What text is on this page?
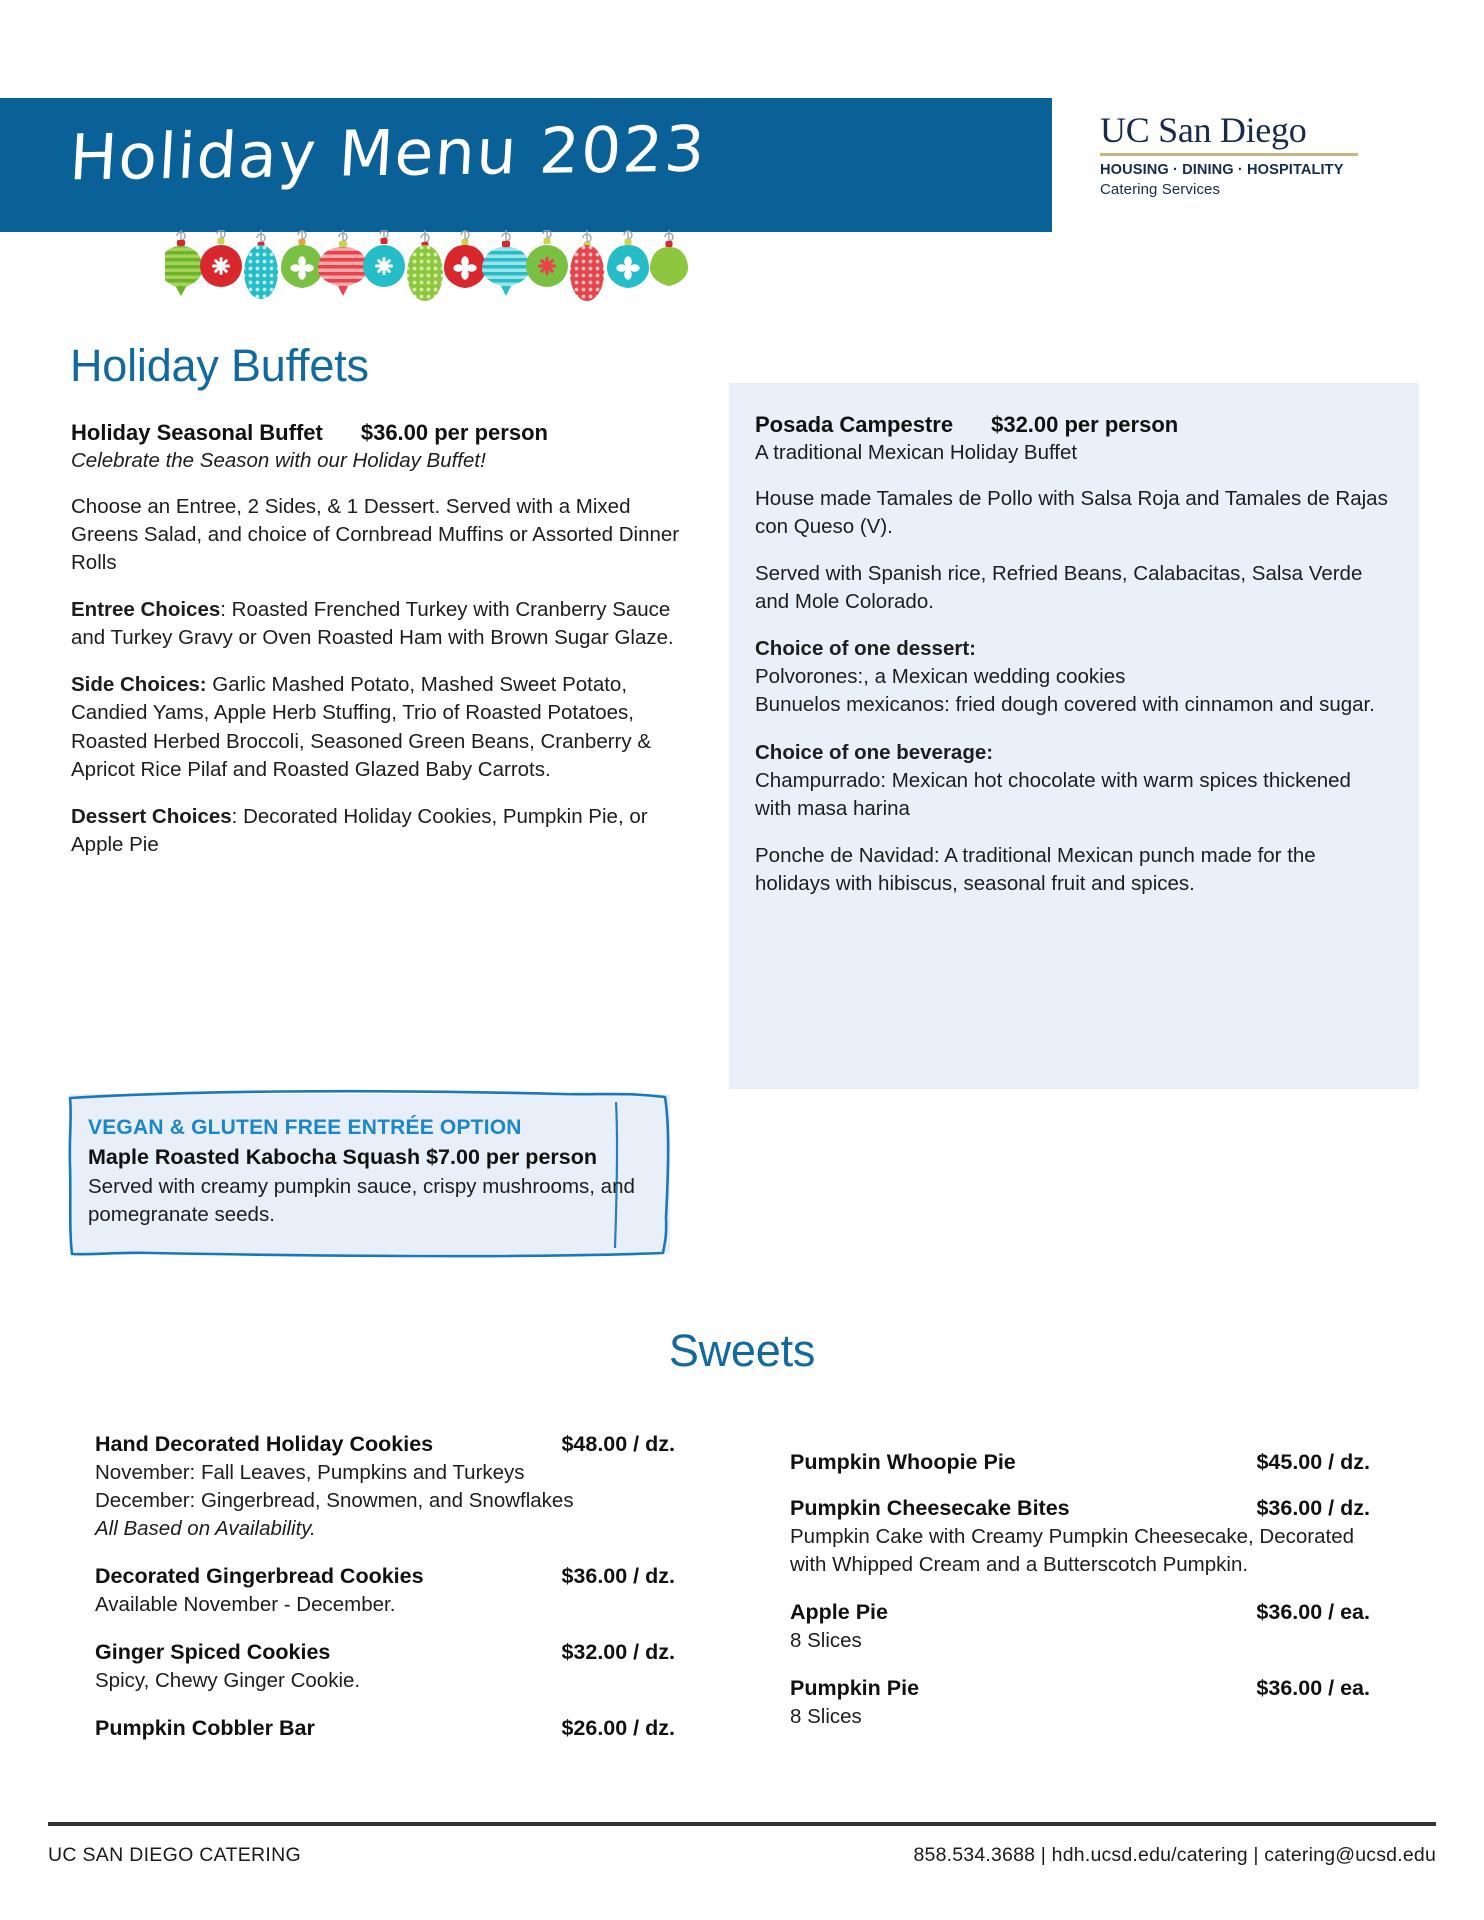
Holiday Menu 2023	UC San Diego
HOUSING · DINING · HOSPITALITY
Catering Services
Holiday Buffets
Holiday Seasonal Buffet $36.00 per person
Celebrate the Season with our Holiday Buffet!

Choose an Entree, 2 Sides, & 1 Dessert. Served with a Mixed Greens Salad, and choice of Cornbread Muffins or Assorted Dinner Rolls

Entree Choices: Roasted Frenched Turkey with Cranberry Sauce and Turkey Gravy or Oven Roasted Ham with Brown Sugar Glaze.

Side Choices: Garlic Mashed Potato, Mashed Sweet Potato, Candied Yams, Apple Herb Stuffing, Trio of Roasted Potatoes, Roasted Herbed Broccoli, Seasoned Green Beans, Cranberry & Apricot Rice Pilaf and Roasted Glazed Baby Carrots.

Dessert Choices: Decorated Holiday Cookies, Pumpkin Pie, or Apple Pie

Posada Campestre $32.00 per person
A traditional Mexican Holiday Buffet

House made Tamales de Pollo with Salsa Roja and Tamales de Rajas con Queso (V).

Served with Spanish rice, Refried Beans, Calabacitas, Salsa Verde and Mole Colorado.

Choice of one dessert:

Polvorones:, a Mexican wedding cookies

Bunuelos mexicanos: fried dough covered with cinnamon and sugar.

Choice of one beverage:

Champurrado: Mexican hot chocolate with warm spices thickened with masa harina

Ponche de Navidad: A traditional Mexican punch made for the holidays with hibiscus, seasonal fruit and spices.

VEGAN & GLUTEN FREE ENTRÉE OPTION
Maple Roasted Kabocha Squash $7.00 per person
Served with creamy pumpkin sauce, crispy mushrooms, and pomegranate seeds.
Sweets
Hand Decorated Holiday Cookies	$48.00 / dz.
November: Fall Leaves, Pumpkins and Turkeys
December: Gingerbread, Snowmen, and Snowflakes
All Based on Availability.
Decorated Gingerbread Cookies	$36.00 / dz.
Available November - December.
Ginger Spiced Cookies	$32.00 / dz.
Spicy, Chewy Ginger Cookie.
Pumpkin Cobbler Bar	$26.00 / dz.
Pumpkin Whoopie Pie	$45.00 / dz.
Pumpkin Cheesecake Bites	$36.00 / dz.
Pumpkin Cake with Creamy Pumpkin Cheesecake, Decorated with Whipped Cream and a Butterscotch Pumpkin.
Apple Pie	$36.00 / ea.
8 Slices
Pumpkin Pie	$36.00 / ea.
8 Slices
UC SAN DIEGO CATERING	858.534.3688 | hdh.ucsd.edu/catering | catering@ucsd.edu
